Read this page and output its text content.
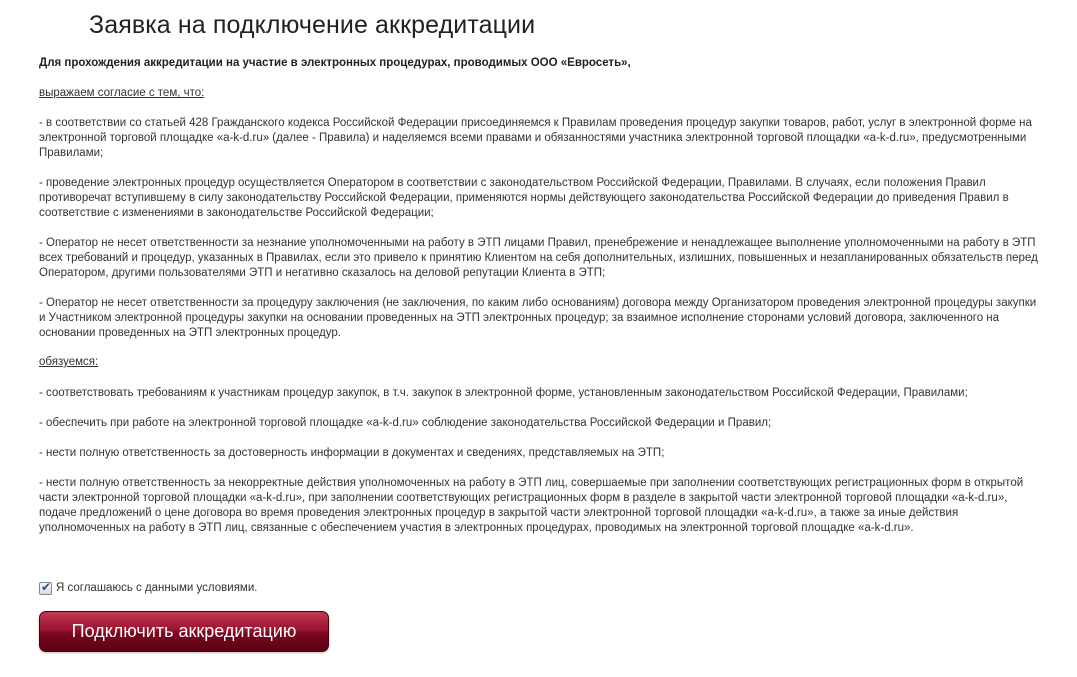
Заявка на подключение аккредитации

Для прохождения аккредитации на участие в электронных процедурах, проводимых ООО «Евросеть»,

выражаем согласие с тем, что:

- в соответствии со статьей 428 Гражданского кодекса Российской Федерации присоединяемся к Правилам проведения процедур закупки товаров, работ, услуг в электронной форме на электронной торговой площадке «a-k-d.ru» (далее - Правила) и наделяемся всеми правами и обязанностями участника электронной торговой площадки «a-k-d.ru», предусмотренными Правилами;

- проведение электронных процедур осуществляется Оператором в соответствии с законодательством Российской Федерации, Правилами. В случаях, если положения Правил противоречат вступившему в силу законодательству Российской Федерации, применяются нормы действующего законодательства Российской Федерации до приведения Правил в соответствие с изменениями в законодательстве Российской Федерации;

- Оператор не несет ответственности за незнание уполномоченными на работу в ЭТП лицами Правил, пренебрежение и ненадлежащее выполнение уполномоченными на работу в ЭТП всех требований и процедур, указанных в Правилах, если это привело к принятию Клиентом на себя дополнительных, излишних, повышенных и незапланированных обязательств перед Оператором, другими пользователями ЭТП и негативно сказалось на деловой репутации Клиента в ЭТП;

- Оператор не несет ответственности за процедуру заключения (не заключения, по каким либо основаниям) договора между Организатором проведения электронной процедуры закупки и Участником электронной процедуры закупки на основании проведенных на ЭТП электронных процедур; за взаимное исполнение сторонами условий договора, заключенного на основании проведенных на ЭТП электронных процедур.

обязуемся:

- соответствовать требованиям к участникам процедур закупок, в т.ч. закупок в электронной форме, установленным законодательством Российской Федерации, Правилами;

- обеспечить при работе на электронной торговой площадке «a-k-d.ru» соблюдение законодательства Российской Федерации и Правил;

- нести полную ответственность за достоверность информации в документах и сведениях, представляемых на ЭТП;

- нести полную ответственность за некорректные действия уполномоченных на работу в ЭТП лиц, совершаемые при заполнении соответствующих регистрационных форм в открытой части электронной торговой площадки «a-k-d.ru», при заполнении соответствующих регистрационных форм в разделе в закрытой части электронной торговой площадки «a-k-d.ru», подаче предложений о цене договора во время проведения электронных процедур в закрытой части электронной торговой площадки «a-k-d.ru», а также за иные действия уполномоченных на работу в ЭТП лиц, связанные с обеспечением участия в электронных процедурах, проводимых на электронной торговой площадке «a-k-d.ru».

✔ Я соглашаюсь с данными условиями.
Подключить аккредитацию
